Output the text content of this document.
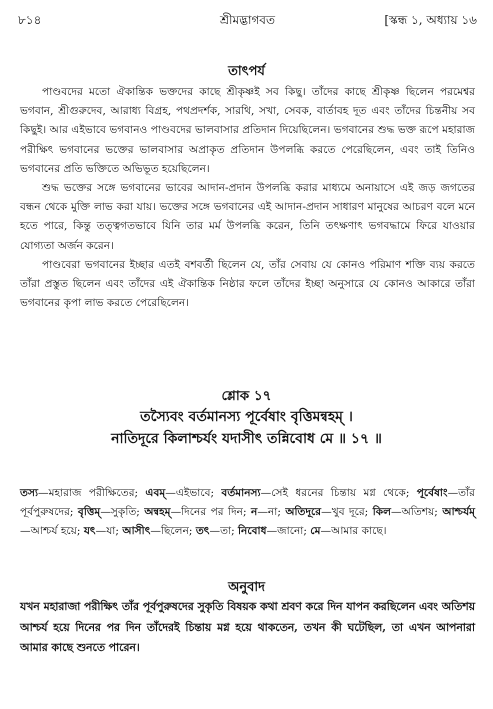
৮১৪	শ্রীমদ্ভাগবত	[স্কন্ধ ১, অধ্যায় ১৬
তাৎপর্য

পাণ্ডবদের মতো ঐকান্তিক ভক্তদের কাছে শ্রীকৃষ্ণই সব কিছু। তাঁদের কাছে শ্রীকৃষ্ণ ছিলেন পরমেশ্বর ভগবান, শ্রীগুরুদেব, আরাধ্য বিগ্রহ, পথপ্রদর্শক, সারথি, সখা, সেবক, বার্তাবহ দূত এবং তাঁদের চিন্তনীয় সব কিছুই। আর এইভাবে ভগবানও পাণ্ডবদের ভালবাসার প্রতিদান দিয়েছিলেন। ভগবানের শুদ্ধ ভক্ত রূপে মহারাজ পরীক্ষিৎ ভগবানের ভক্তের ভালবাসার অপ্রাকৃত প্রতিদান উপলব্ধি করতে পেরেছিলেন, এবং তাই তিনিও ভগবানের প্রতি ভক্তিতে অভিভূত হয়েছিলেন।

শুদ্ধ ভক্তের সঙ্গে ভগবানের ভাবের আদান-প্রদান উপলব্ধি করার মাধ্যমে অনায়াসে এই জড় জগতের বন্ধন থেকে মুক্তি লাভ করা যায়। ভক্তের সঙ্গে ভগবানের এই আদান-প্রদান সাধারণ মানুষের আচরণ বলে মনে হতে পারে, কিন্তু তত্ত্বগতভাবে যিনি তার মর্ম উপলব্ধি করেন, তিনি তৎক্ষণাৎ ভগবদ্ধামে ফিরে যাওয়ার যোগ্যতা অর্জন করেন।

পাণ্ডবেরা ভগবানের ইচ্ছার এতই বশবর্তী ছিলেন যে, তাঁর সেবায় যে কোনও পরিমাণ শক্তি ব্যয় করতে তাঁরা প্রস্তুত ছিলেন এবং তাঁদের এই ঐকান্তিক নিষ্ঠার ফলে তাঁদের ইচ্ছা অনুসারে যে কোনও আকারে তাঁরা ভগবানের কৃপা লাভ করতে পেরেছিলেন।

শ্লোক ১৭
তস্যৈবং বর্তমানস্য পূর্বেষাং বৃত্তিমন্বহম্‌ ।
নাতিদূরে কিলাশ্চর্যং যদাসীৎ তন্নিবোধ মে ॥ ১৭ ॥

তস্য—মহারাজ পরীক্ষিতের; এবম্‌—এইভাবে; বর্তমানস্য—সেই ধরনের চিন্তায় মগ্ন থেকে; পূর্বেষাং—তাঁর পূর্বপুরুষদের; বৃত্তিম্‌—সুকৃতি; অন্বহম্‌—দিনের পর দিন; ন—না; অতিদূরে—খুব দূরে; কিল—অতিশয়; আশ্চর্যম্‌—আশ্চর্য হয়ে; যৎ—যা; আসীৎ—ছিলেন; তৎ—তা; নিবোধ—জানো; মে—আমার কাছে।

অনুবাদ

যখন মহারাজা পরীক্ষিৎ তাঁর পূর্বপুরুষদের সুকৃতি বিষয়ক কথা শ্রবণ করে দিন যাপন করছিলেন এবং অতিশয় আশ্চর্য হয়ে দিনের পর দিন তাঁদেরই চিন্তায় মগ্ন হয়ে থাকতেন, তখন কী ঘটেছিল, তা এখন আপনারা আমার কাছে শুনতে পারেন।
